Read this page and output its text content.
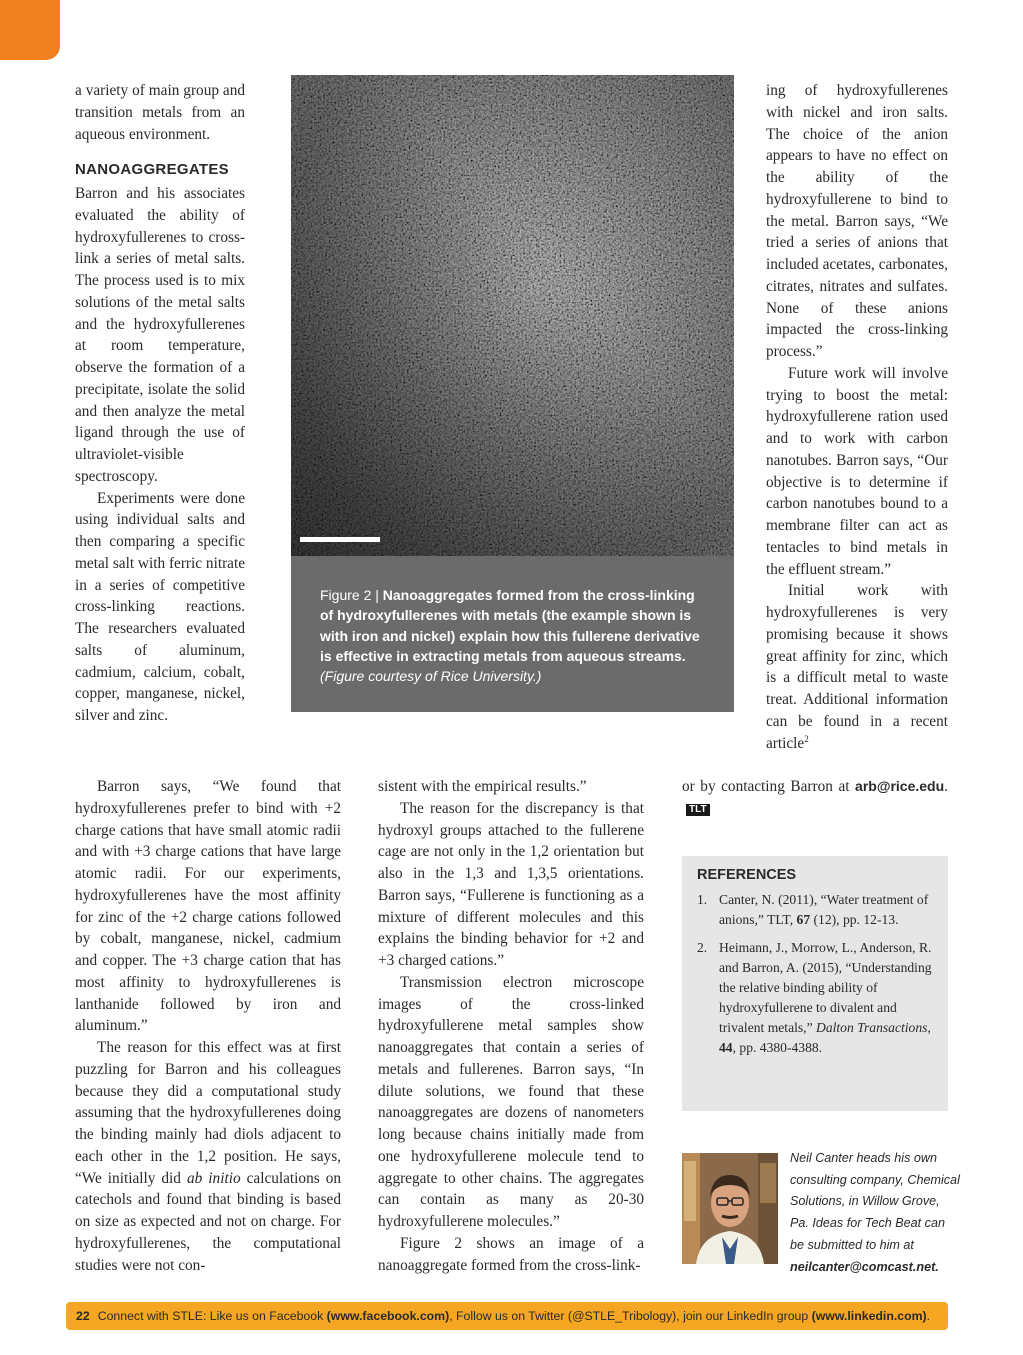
a variety of main group and transition metals from an aqueous environment.

NANOAGGREGATES

Barron and his associates evaluated the ability of hydroxyfullerenes to cross-link a series of metal salts. The process used is to mix solutions of the metal salts and the hydroxyfullerenes at room temperature, observe the formation of a precipitate, isolate the solid and then analyze the metal ligand through the use of ultraviolet-visible spectroscopy.

Experiments were done using individual salts and then comparing a specific metal salt with ferric nitrate in a series of competitive cross-linking reactions. The researchers evaluated salts of aluminum, cadmium, calcium, cobalt, copper, manganese, nickel, silver and zinc.

Figure 2 | Nanoaggregates formed from the cross-linking of hydroxyfullerenes with metals (the example shown is with iron and nickel) explain how this fullerene derivative is effective in extracting metals from aqueous streams. (Figure courtesy of Rice University.)

ing of hydroxyfullerenes with nickel and iron salts. The choice of the anion appears to have no effect on the ability of the hydroxyfullerene to bind to the metal. Barron says, “We tried a series of anions that included acetates, carbonates, citrates, nitrates and sulfates. None of these anions impacted the cross-linking process.”

Future work will involve trying to boost the metal: hydroxyfullerene ration used and to work with carbon nanotubes. Barron says, “Our objective is to determine if carbon nanotubes bound to a membrane filter can act as tentacles to bind metals in the effluent stream.”

Initial work with hydroxyfullerenes is very promising because it shows great affinity for zinc, which is a difficult metal to waste treat. Additional information can be found in a recent article$^2$

Barron says, “We found that hydroxyfullerenes prefer to bind with +2 charge cations that have small atomic radii and with +3 charge cations that have large atomic radii. For our experiments, hydroxyfullerenes have the most affinity for zinc of the +2 charge cations followed by cobalt, manganese, nickel, cadmium and copper. The +3 charge cation that has most affinity to hydroxyfullerenes is lanthanide followed by iron and aluminum.”

The reason for this effect was at first puzzling for Barron and his colleagues because they did a computational study assuming that the hydroxyfullerenes doing the binding mainly had diols adjacent to each other in the 1,2 position. He says, “We initially did ab initio calculations on catechols and found that binding is based on size as expected and not on charge. For hydroxyfullerenes, the computational studies were not con-

sistent with the empirical results.”

The reason for the discrepancy is that hydroxyl groups attached to the fullerene cage are not only in the 1,2 orientation but also in the 1,3 and 1,3,5 orientations. Barron says, “Fullerene is functioning as a mixture of different molecules and this explains the binding behavior for +2 and +3 charged cations.”

Transmission electron microscope images of the cross-linked hydroxyfullerene metal samples show nanoaggregates that contain a series of metals and fullerenes. Barron says, “In dilute solutions, we found that these nanoaggregates are dozens of nanometers long because chains initially made from one hydroxyfullerene molecule tend to aggregate to other chains. The aggregates can contain as many as 20-30 hydroxyfullerene molecules.”

Figure 2 shows an image of a nanoaggregate formed from the cross-link-

or by contacting Barron at arb@rice.edu.TLT

REFERENCES
1. Canter, N. (2011), “Water treatment of anions,” TLT, 67 (12), pp. 12-13.
2. Heimann, J., Morrow, L., Anderson, R. and Barron, A. (2015), “Understanding the relative binding ability of hydroxyfullerene to divalent and trivalent metals,” Dalton Transactions, 44, pp. 4380-4388.
Neil Canter heads his own consulting company, Chemical Solutions, in Willow Grove, Pa. Ideas for Tech Beat can be submitted to him at neilcanter@comcast.net.
22 Connect with STLE: Like us on Facebook (www.facebook.com), Follow us on Twitter (@STLE_Tribology), join our LinkedIn group (www.linkedin.com).
